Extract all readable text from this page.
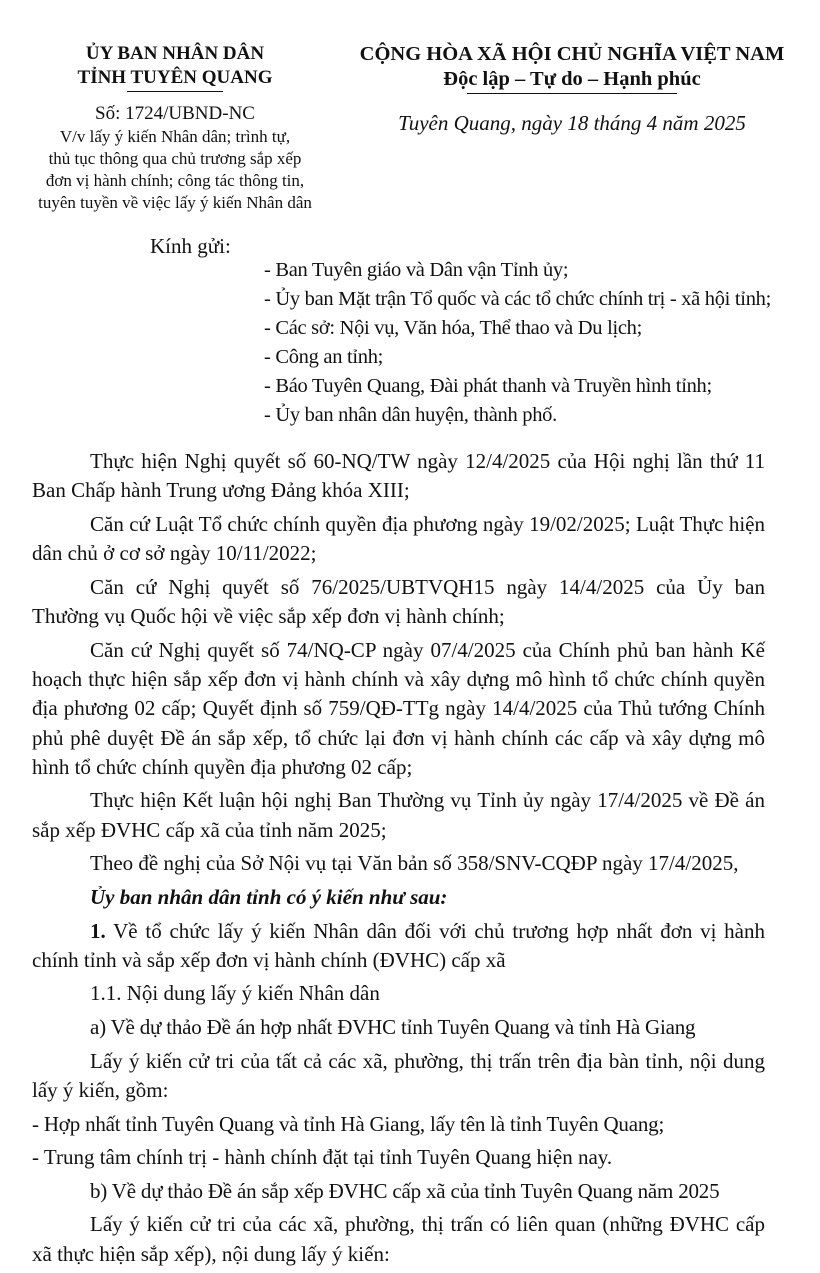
ỦY BAN NHÂN DÂN
TỈNH TUYÊN QUANG
Số: 1724/UBND-NC
V/v lấy ý kiến Nhân dân; trình tự,
thủ tục thông qua chủ trương sắp xếp
đơn vị hành chính; công tác thông tin,
tuyên tuyền về việc lấy ý kiến Nhân dân
CỘNG HÒA XÃ HỘI CHỦ NGHĨA VIỆT NAM
Độc lập – Tự do – Hạnh phúc
Tuyên Quang, ngày 18 tháng 4 năm 2025
Kính gửi:
- Ban Tuyên giáo và Dân vận Tỉnh ủy;
- Ủy ban Mặt trận Tổ quốc và các tổ chức chính trị - xã hội tỉnh;
- Các sở: Nội vụ, Văn hóa, Thể thao và Du lịch;
- Công an tỉnh;
- Báo Tuyên Quang, Đài phát thanh và Truyền hình tỉnh;
- Ủy ban nhân dân huyện, thành phố.

Thực hiện Nghị quyết số 60-NQ/TW ngày 12/4/2025 của Hội nghị lần thứ 11 Ban Chấp hành Trung ương Đảng khóa XIII;

Căn cứ Luật Tổ chức chính quyền địa phương ngày 19/02/2025; Luật Thực hiện dân chủ ở cơ sở ngày 10/11/2022;

Căn cứ Nghị quyết số 76/2025/UBTVQH15 ngày 14/4/2025 của Ủy ban Thường vụ Quốc hội về việc sắp xếp đơn vị hành chính;

Căn cứ Nghị quyết số 74/NQ-CP ngày 07/4/2025 của Chính phủ ban hành Kế hoạch thực hiện sắp xếp đơn vị hành chính và xây dựng mô hình tổ chức chính quyền địa phương 02 cấp; Quyết định số 759/QĐ-TTg ngày 14/4/2025 của Thủ tướng Chính phủ phê duyệt Đề án sắp xếp, tổ chức lại đơn vị hành chính các cấp và xây dựng mô hình tổ chức chính quyền địa phương 02 cấp;

Thực hiện Kết luận hội nghị Ban Thường vụ Tỉnh ủy ngày 17/4/2025 về Đề án sắp xếp ĐVHC cấp xã của tỉnh năm 2025;

Theo đề nghị của Sở Nội vụ tại Văn bản số 358/SNV-CQĐP ngày 17/4/2025,

Ủy ban nhân dân tỉnh có ý kiến như sau:

1. Về tổ chức lấy ý kiến Nhân dân đối với chủ trương hợp nhất đơn vị hành chính tỉnh và sắp xếp đơn vị hành chính (ĐVHC) cấp xã

1.1. Nội dung lấy ý kiến Nhân dân

a) Về dự thảo Đề án hợp nhất ĐVHC tỉnh Tuyên Quang và tỉnh Hà Giang

Lấy ý kiến cử tri của tất cả các xã, phường, thị trấn trên địa bàn tỉnh, nội dung lấy ý kiến, gồm:

- Hợp nhất tỉnh Tuyên Quang và tỉnh Hà Giang, lấy tên là tỉnh Tuyên Quang;

- Trung tâm chính trị - hành chính đặt tại tỉnh Tuyên Quang hiện nay.

b) Về dự thảo Đề án sắp xếp ĐVHC cấp xã của tỉnh Tuyên Quang năm 2025

Lấy ý kiến cử tri của các xã, phường, thị trấn có liên quan (những ĐVHC cấp xã thực hiện sắp xếp), nội dung lấy ý kiến:
